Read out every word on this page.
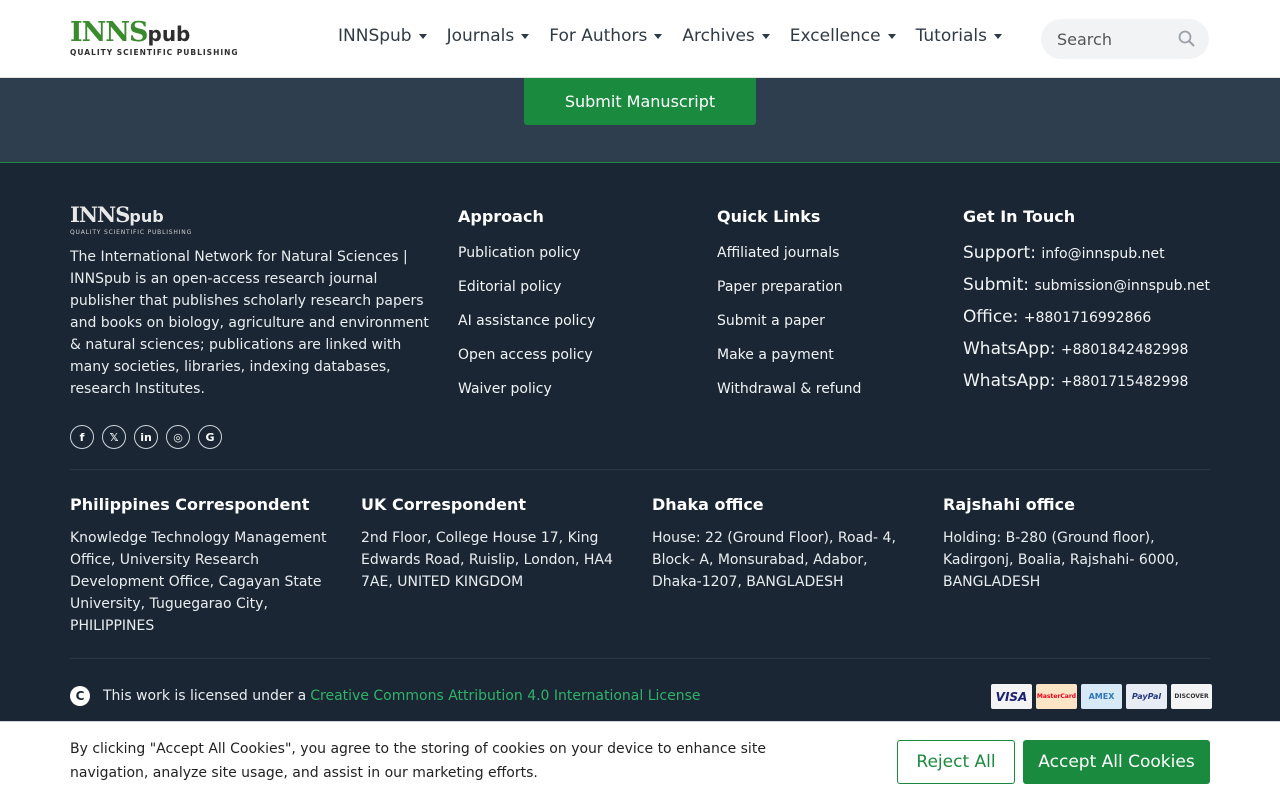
INNSpub
QUALITY SCIENTIFIC PUBLISHING
INNSpub Journals For Authors Archives Excellence Tutorials
Search
Submit Manuscript
INNSpub
QUALITY SCIENTIFIC PUBLISHING

The International Network for Natural Sciences | INNSpub is an open-access research journal publisher that publishes scholarly research papers and books on biology, agriculture and environment & natural sciences; publications are linked with many societies, libraries, indexing databases, research Institutes.

f	𝕏	in	◎	G
Approach
Publication policy
Editorial policy
AI assistance policy
Open access policy
Waiver policy
Quick Links
Affiliated journals
Paper preparation
Submit a paper
Make a payment
Withdrawal & refund
Get In Touch
Support: info@innspub.net
Submit: submission@innspub.net
Office: +8801716992866
WhatsApp: +8801842482998
WhatsApp: +8801715482998
Philippines Correspondent

Knowledge Technology Management Office, University Research Development Office, Cagayan State University, Tuguegarao City, PHILIPPINES

UK Correspondent

2nd Floor, College House 17, King Edwards Road, Ruislip, London, HA4 7AE, UNITED KINGDOM

Dhaka office

House: 22 (Ground Floor), Road- 4, Block- A, Monsurabad, Adabor, Dhaka-1207, BANGLADESH

Rajshahi office

Holding: B-280 (Ground floor), Kadirgonj, Boalia, Rajshahi- 6000, BANGLADESH

C	This work is licensed under a Creative Commons Attribution 4.0 International License	VISA	MasterCard	AMEX	PayPal	DISCOVER

By clicking "Accept All Cookies", you agree to the storing of cookies on your device to enhance site navigation, analyze site usage, and assist in our marketing efforts.

Reject All	Accept All Cookies
